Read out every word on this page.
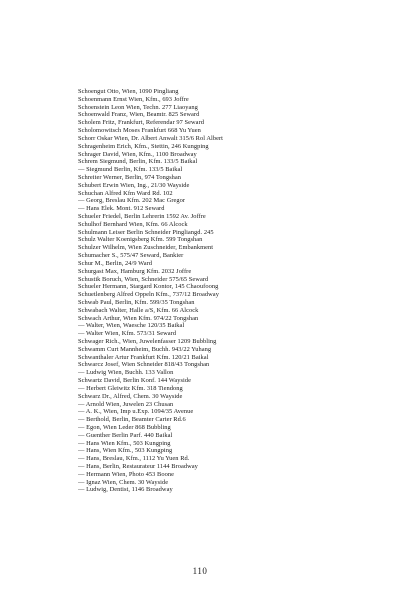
Schoengut Otto, Wien, 1090 Pingliang
Schoenmann Ernst Wien, Kfm., 693 Joffre
Schoenstein Leon Wien, Techn. 277 Liaoyang
Schoenwald Franz, Wien, Beamtr. 825 Seward
Scholem Fritz, Frankfurt, Referendar 97 Seward
Scholomowitsch Moses Frankfurt 668 Yu Yuen
Schorr Oskar Wien, Dr. Albert Anwalt 315/6 Rol Albert
Schragenheim Erich, Kfm., Stettin, 246 Kungping
Schrager David, Wien, Kfm., 1100 Broadway
Schrem Siegmund, Berlin, Kfm. 133/5 Baikal
— Siegmund Berlin, Kfm. 133/5 Baikal
Schreiter Werner, Berlin, 974 Tongshan
Schubert Erwin Wien, Ing., 21/30 Wayside
Schuchan Alfred Kfm Ward Rd. 102
— Georg, Breslau Kfm. 202 Mac Gregor
— Hans Elek. Mont. 912 Seward
Schueler Friedel, Berlin Lehrerin 1592 Av. Joffre
Schulhof Bernhard Wien, Kfm. 66 Alcock
Schulmann Leiser Berlin Schneider Pingliangd. 245
Schulz Walter Koenigsberg Kfm. 599 Tongshan
Schulzer Wilhelm, Wien Zuschneider, Embankment
Schumacher S., 575/47 Seward, Bankier
Schur M., Berlin, 24/9 Ward
Schurgast Max, Hamburg Kfm. 2032 Joffre
Schustik Boruch, Wien, Schneider 575/65 Seward
Schueler Hermann, Stargard Kontor, 145 Chaoufoong
Schuetlenberg Alfred Oppeln Kfm., 737/12 Broadway
Schwab Paul, Berlin, Kfm. 599/35 Tongshan
Schwabach Walter, Halle a/S, Kfm. 66 Alcock
Schwach Arthur, Wien Kfm. 974/22 Tongshan
— Walter, Wien, Waesche 120/35 Baikal
— Walter Wien, Kfm. 573/31 Seward
Schwager Rich., Wien, Juwelenfasser 1209 Bubbling
Schwamm Curt Mannheim, Buchh. 943/22 Yuhang
Schwanthaler Artur Frankfurt Kfm. 120/21 Baikal
Schwarcz Josef, Wien Schneider 818/43 Tongshan
— Ludwig Wien, Buchh. 133 Vallon
Schwartz David, Berlin Konf. 144 Wayside
— Herbert Gleiwitz Kfm. 318 Tiendong
Schwarz Dr., Alfred, Chem. 30 Wayside
— Arnold Wien, Juwelen 23 Chusan
— A. K., Wien, Imp u.Exp. 1094/35 Avenue
— Berthold, Berlin, Beamter Carter Rd.6
— Egon, Wien Leder 868 Bubbling
— Guenther Berlin Parf. 440 Baikal
— Hans Wien Kfm., 503 Kungping
— Hans, Wien Kfm., 503 Kungping
— Hans, Breslau, Kfm., 1112 Yu Yuen Rd.
— Hans, Berlin, Restaurateur 1144 Broadway
— Hermann Wien, Photo 453 Boone
— Ignaz Wien, Chem. 30 Wayside
— Ludwig, Dentist, 1146 Broadway
110
